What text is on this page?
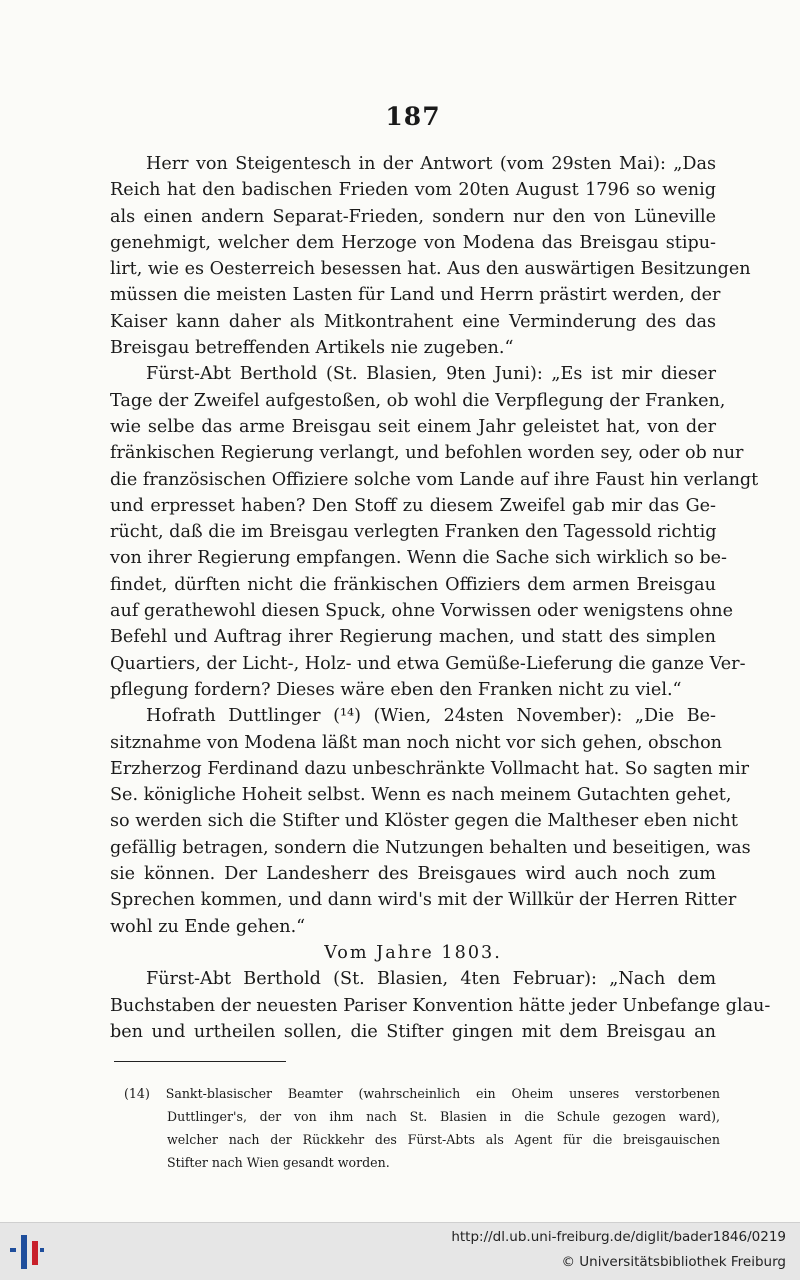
187
Herr von Steigentesch in der Antwort (vom 29sten Mai): „Das
Reich hat den badischen Frieden vom 20ten August 1796 so wenig
als einen andern Separat-Frieden, sondern nur den von Lüneville
genehmigt, welcher dem Herzoge von Modena das Breisgau stipu-
lirt, wie es Oesterreich besessen hat. Aus den auswärtigen Besitzungen
müssen die meisten Lasten für Land und Herrn prästirt werden, der
Kaiser kann daher als Mitkontrahent eine Verminderung des das
Breisgau betreffenden Artikels nie zugeben.“
Fürst-Abt Berthold (St. Blasien, 9ten Juni): „Es ist mir dieser
Tage der Zweifel aufgestoßen, ob wohl die Verpflegung der Franken,
wie selbe das arme Breisgau seit einem Jahr geleistet hat, von der
fränkischen Regierung verlangt, und befohlen worden sey, oder ob nur
die französischen Offiziere solche vom Lande auf ihre Faust hin verlangt
und erpresset haben? Den Stoff zu diesem Zweifel gab mir das Ge-
rücht, daß die im Breisgau verlegten Franken den Tagessold richtig
von ihrer Regierung empfangen. Wenn die Sache sich wirklich so be-
findet, dürften nicht die fränkischen Offiziers dem armen Breisgau
auf gerathewohl diesen Spuck, ohne Vorwissen oder wenigstens ohne
Befehl und Auftrag ihrer Regierung machen, und statt des simplen
Quartiers, der Licht-, Holz- und etwa Gemüße-Lieferung die ganze Ver-
pflegung fordern? Dieses wäre eben den Franken nicht zu viel.“
Hofrath Duttlinger (¹⁴) (Wien, 24sten November): „Die Be-
sitznahme von Modena läßt man noch nicht vor sich gehen, obschon
Erzherzog Ferdinand dazu unbeschränkte Vollmacht hat. So sagten mir
Se. königliche Hoheit selbst. Wenn es nach meinem Gutachten gehet,
so werden sich die Stifter und Klöster gegen die Maltheser eben nicht
gefällig betragen, sondern die Nutzungen behalten und beseitigen, was
sie können. Der Landesherr des Breisgaues wird auch noch zum
Sprechen kommen, und dann wird's mit der Willkür der Herren Ritter
wohl zu Ende gehen.“
Vom Jahre 1803.
Fürst-Abt Berthold (St. Blasien, 4ten Februar): „Nach dem
Buchstaben der neuesten Pariser Konvention hätte jeder Unbefange glau-
ben und urtheilen sollen, die Stifter gingen mit dem Breisgau an
(14) Sankt-blasischer Beamter (wahrscheinlich ein Oheim unseres verstorbenen
Duttlinger's, der von ihm nach St. Blasien in die Schule gezogen ward),
welcher nach der Rückkehr des Fürst-Abts als Agent für die breisgauischen
Stifter nach Wien gesandt worden.
http://dl.ub.uni-freiburg.de/diglit/bader1846/0219
© Universitätsbibliothek Freiburg
